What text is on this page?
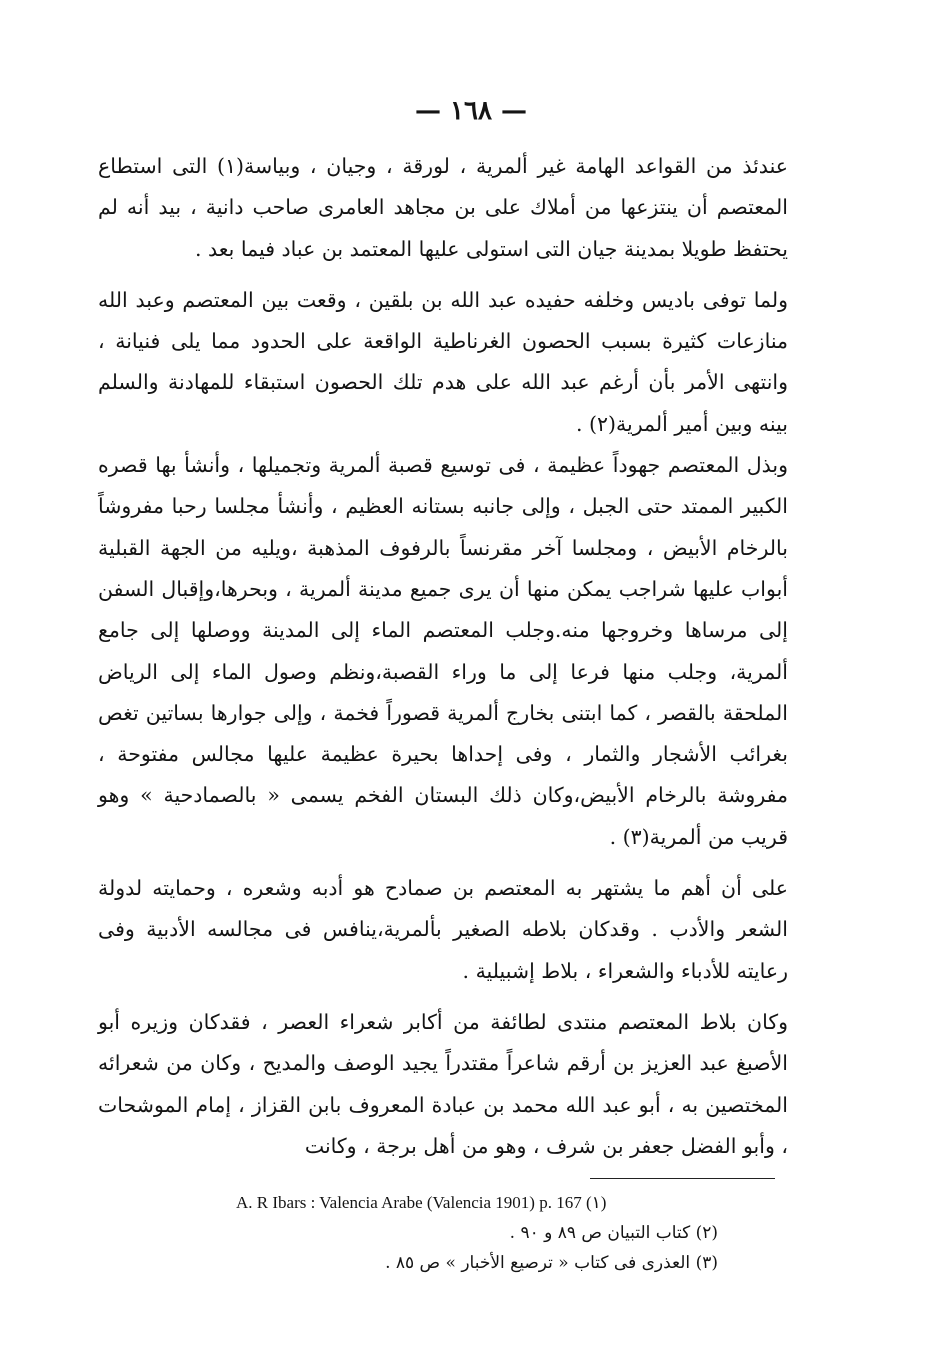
— ١٦٨ —

عندئذ من القواعد الهامة غير ألمرية ، لورقة ، وجيان ، وبياسة(١) التى استطاع المعتصم أن ينتزعها من أملاك على بن مجاهد العامرى صاحب دانية ، بيد أنه لم يحتفظ طويلا بمدينة جيان التى استولى عليها المعتمد بن عباد فيما بعد .

ولما توفى باديس وخلفه حفيده عبد الله بن بلقين ، وقعت بين المعتصم وعبد الله منازعات كثيرة بسبب الحصون الغرناطية الواقعة على الحدود مما يلى فنيانة ، وانتهى الأمر بأن أرغم عبد الله على هدم تلك الحصون استبقاء للمهادنة والسلم بينه وبين أمير ألمرية(٢) .

وبذل المعتصم جهوداً عظيمة ، فى توسيع قصبة ألمرية وتجميلها ، وأنشأ بها قصره الكبير الممتد حتى الجبل ، وإلى جانبه بستانه العظيم ، وأنشأ مجلسا رحبا مفروشاً بالرخام الأبيض ، ومجلسا آخر مقرنساً بالرفوف المذهبة ،ويليه من الجهة القبلية أبواب عليها شراجب يمكن منها أن يرى جميع مدينة ألمرية ، وبحرها،وإقبال السفن إلى مرساها وخروجها منه.وجلب المعتصم الماء إلى المدينة ووصلها إلى جامع ألمرية، وجلب منها فرعا إلى ما وراء القصبة،ونظم وصول الماء إلى الرياض الملحقة بالقصر ، كما ابتنى بخارج ألمرية قصوراً فخمة ، وإلى جوارها بساتين تغص بغرائب الأشجار والثمار ، وفى إحداها بحيرة عظيمة عليها مجالس مفتوحة ، مفروشة بالرخام الأبيض،وكان ذلك البستان الفخم يسمى « بالصمادحية » وهو قريب من ألمرية(٣) .

على أن أهم ما يشتهر به المعتصم بن صمادح هو أدبه وشعره ، وحمايته لدولة الشعر والأدب . وقدكان بلاطه الصغير بألمرية،ينافس فى مجالسه الأدبية وفى رعايته للأدباء والشعراء ، بلاط إشبيلية .

وكان بلاط المعتصم منتدى لطائفة من أكابر شعراء العصر ، فقدكان وزيره أبو الأصبغ عبد العزيز بن أرقم شاعراً مقتدراً يجيد الوصف والمديح ، وكان من شعرائه المختصين به ، أبو عبد الله محمد بن عبادة المعروف بابن القزاز ، إمام الموشحات ، وأبو الفضل جعفر بن شرف ، وهو من أهل برجة ، وكانت

A. R Ibars : Valencia Arabe (Valencia 1901) p. 167 (١)
(٢) كتاب التبيان ص ٨٩ و ٩٠ .
(٣) العذرى فى كتاب « ترصيع الأخبار » ص ٨٥ .
